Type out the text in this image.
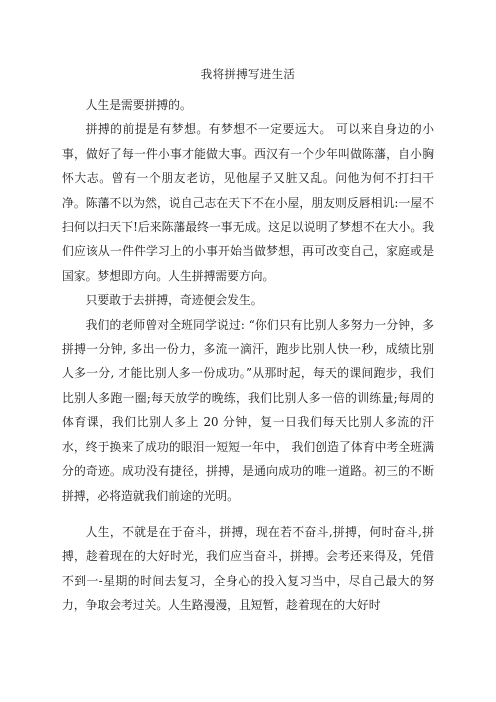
我将拼搏写进生活

人生是需要拼搏的。

拼搏的前提是有梦想。有梦想不一定要远大。 可以来自身边的小事，做好了每一件小事才能做大事。西汉有一个少年叫做陈藩，自小胸怀大志。曾有一个朋友老访，见他屋子又脏又乱。问他为何不打扫干净。陈藩不以为然，说自己志在天下不在小屋，朋友则反唇相讥:一屋不扫何以扫天下!后来陈藩最终一事无成。这足以说明了梦想不在大小。我们应该从一件件学习上的小事开始当做梦想，再可改变自己，家庭或是国家。梦想即方向。人生拼搏需要方向。

只要敢于去拼搏，奇迹便会发生。

我们的老师曾对全班同学说过: “你们只有比别人多努力一分钟，多拼搏一分钟, 多出一份力，多流一滴汗，跑步比别人快一秒，成绩比别人多一分, 才能比别人多一份成功。”从那时起，每天的课间跑步，我们比别人多跑一圈;每天放学的晚练，我们比别人多一倍的训练量;每周的体育课，我们比别人多上 20 分钟，复一日我们每天比别人多流的汗水，终于换来了成功的眼泪一短短一年中， 我们创造了体育中考全班满分的奇迹。成功没有捷径，拼搏，是通向成功的唯一道路。初三的不断拼搏，必将造就我们前途的光明。

人生，不就是在于奋斗，拼搏，现在若不奋斗,拼搏，何时奋斗,拼搏，趁着现在的大好时光，我们应当奋斗，拼搏。会考还来得及，凭借不到一-星期的时间去复习，全身心的投入复习当中，尽自己最大的努力，争取会考过关。人生路漫漫，且短暂，趁着现在的大好时
